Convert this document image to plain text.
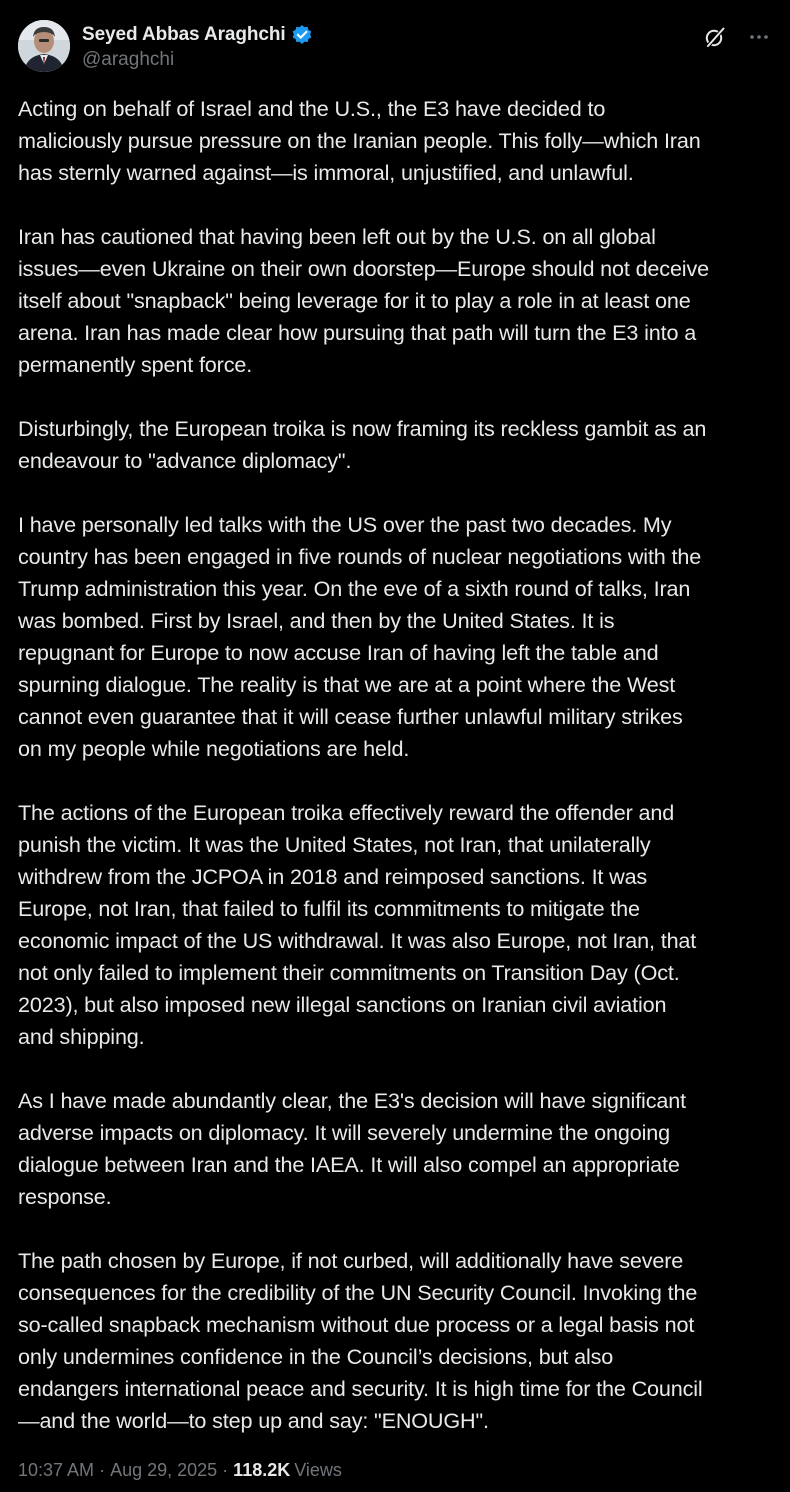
Seyed Abbas Araghchi
@araghchi

Acting on behalf of Israel and the U.S., the E3 have decided to
maliciously pursue pressure on the Iranian people. This folly—which Iran
has sternly warned against—is immoral, unjustified, and unlawful.

Iran has cautioned that having been left out by the U.S. on all global
issues—even Ukraine on their own doorstep—Europe should not deceive
itself about "snapback" being leverage for it to play a role in at least one
arena. Iran has made clear how pursuing that path will turn the E3 into a
permanently spent force.

Disturbingly, the European troika is now framing its reckless gambit as an
endeavour to "advance diplomacy".

I have personally led talks with the US over the past two decades. My
country has been engaged in five rounds of nuclear negotiations with the
Trump administration this year. On the eve of a sixth round of talks, Iran
was bombed. First by Israel, and then by the United States. It is
repugnant for Europe to now accuse Iran of having left the table and
spurning dialogue. The reality is that we are at a point where the West
cannot even guarantee that it will cease further unlawful military strikes
on my people while negotiations are held.

The actions of the European troika effectively reward the offender and
punish the victim. It was the United States, not Iran, that unilaterally
withdrew from the JCPOA in 2018 and reimposed sanctions. It was
Europe, not Iran, that failed to fulfil its commitments to mitigate the
economic impact of the US withdrawal. It was also Europe, not Iran, that
not only failed to implement their commitments on Transition Day (Oct.
2023), but also imposed new illegal sanctions on Iranian civil aviation
and shipping.

As I have made abundantly clear, the E3's decision will have significant
adverse impacts on diplomacy. It will severely undermine the ongoing
dialogue between Iran and the IAEA. It will also compel an appropriate
response.

The path chosen by Europe, if not curbed, will additionally have severe
consequences for the credibility of the UN Security Council. Invoking the
so-called snapback mechanism without due process or a legal basis not
only undermines confidence in the Council’s decisions, but also
endangers international peace and security. It is high time for the Council
—and the world—to step up and say: "ENOUGH".

10:37 AM · Aug 29, 2025 · 118.2K Views
